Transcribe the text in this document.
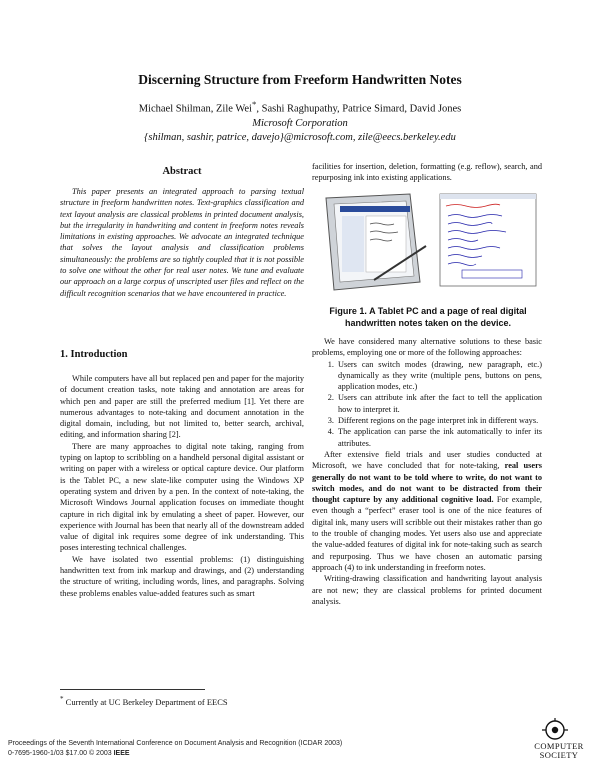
Discerning Structure from Freeform Handwritten Notes
Michael Shilman, Zile Wei*, Sashi Raghupathy, Patrice Simard, David Jones
Microsoft Corporation
{shilman, sashir, patrice, davejo}@microsoft.com, zile@eecs.berkeley.edu
Abstract

This paper presents an integrated approach to parsing textual structure in freeform handwritten notes. Text-graphics classification and text layout analysis are classical problems in printed document analysis, but the irregularity in handwriting and content in freeform notes reveals limitations in existing approaches. We advocate an integrated technique that solves the layout analysis and classification problems simultaneously: the problems are so tightly coupled that it is not possible to solve one without the other for real user notes. We tune and evaluate our approach on a large corpus of unscripted user files and reflect on the difficult recognition scenarios that we have encountered in practice.

1. Introduction

While computers have all but replaced pen and paper for the majority of document creation tasks, note taking and annotation are areas for which pen and paper are still the preferred medium [1]. Yet there are numerous advantages to note-taking and document annotation in the digital domain, including, but not limited to, better search, archival, editing, and information sharing [2].

There are many approaches to digital note taking, ranging from typing on laptop to scribbling on a handheld personal digital assistant or writing on paper with a wireless or optical capture device. Our platform is the Tablet PC, a new slate-like computer using the Windows XP operating system and driven by a pen. In the context of note-taking, the Microsoft Windows Journal application focuses on immediate thought capture in rich digital ink by emulating a sheet of paper. However, our experience with Journal has been that nearly all of the downstream added value of digital ink requires some degree of ink understanding. This poses interesting technical challenges.

We have isolated two essential problems: (1) distinguishing handwritten text from ink markup and drawings, and (2) understanding the structure of writing, including words, lines, and paragraphs. Solving these problems enables value-added features such as smart

facilities for insertion, deletion, formatting (e.g. reflow), search, and repurposing ink into existing applications.

Figure 1. A Tablet PC and a page of real digital handwritten notes taken on the device.

We have considered many alternative solutions to these basic problems, employing one or more of the following approaches:

1. Users can switch modes (drawing, new paragraph, etc.) dynamically as they write (multiple pens, buttons on pens, application modes, etc.)
2. Users can attribute ink after the fact to tell the application how to interpret it.
3. Different regions on the page interpret ink in different ways.
4. The application can parse the ink automatically to infer its attributes.

After extensive field trials and user studies conducted at Microsoft, we have concluded that for note-taking, real users generally do not want to be told where to write, do not want to switch modes, and do not want to be distracted from their thought capture by any additional cognitive load. For example, even though a “perfect” eraser tool is one of the nice features of digital ink, many users will scribble out their mistakes rather than go to the trouble of changing modes. Yet users also use and appreciate the value-added features of digital ink for note-taking such as search and repurposing. Thus we have chosen an automatic parsing approach (4) to ink understanding in freeform notes.

Writing-drawing classification and handwriting layout analysis are not new; they are classical problems for printed document analysis.

* Currently at UC Berkeley Department of EECS
Proceedings of the Seventh International Conference on Document Analysis and Recognition (ICDAR 2003)
0-7695-1960-1/03 $17.00 © 2003 IEEE
COMPUTER
SOCIETY
